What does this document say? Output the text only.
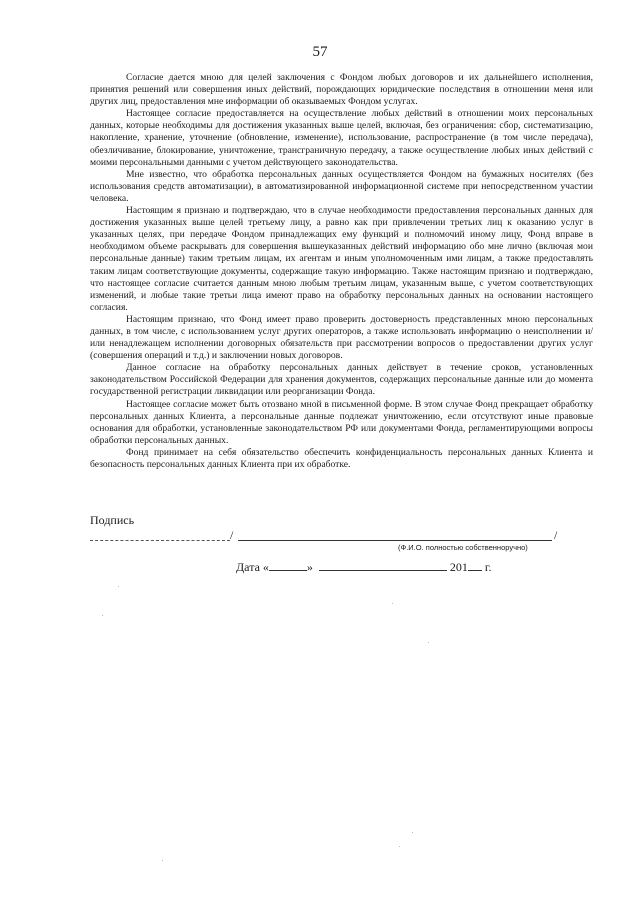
57

Согласие дается мною для целей заключения с Фондом любых договоров и их дальнейшего исполнения, принятия решений или совершения иных действий, порождающих юридические последствия в отношении меня или других лиц, предоставления мне информации об оказываемых Фондом услугах.

Настоящее согласие предоставляется на осуществление любых действий в отношении моих персональных данных, которые необходимы для достижения указанных выше целей, включая, без ограничения: сбор, систематизацию, накопление, хранение, уточнение (обновление, изменение), использование, распространение (в том числе передача), обезличивание, блокирование, уничтожение, трансграничную передачу, а также осуществление любых иных действий с моими персональными данными с учетом действующего законодательства.

Мне известно, что обработка персональных данных осуществляется Фондом на бумажных носителях (без использования средств автоматизации), в автоматизированной информационной системе при непосредственном участии человека.

Настоящим я признаю и подтверждаю, что в случае необходимости предоставления персональных данных для достижения указанных выше целей третьему лицу, а равно как при привлечении третьих лиц к оказанию услуг в указанных целях, при передаче Фондом принадлежащих ему функций и полномочий иному лицу, Фонд вправе в необходимом объеме раскрывать для совершения вышеуказанных действий информацию обо мне лично (включая мои персональные данные) таким третьим лицам, их агентам и иным уполномоченным ими лицам, а также предоставлять таким лицам соответствующие документы, содержащие такую информацию. Также настоящим признаю и подтверждаю, что настоящее согласие считается данным мною любым третьим лицам, указанным выше, с учетом соответствующих изменений, и любые такие третьи лица имеют право на обработку персональных данных на основании настоящего согласия.

Настоящим признаю, что Фонд имеет право проверить достоверность представленных мною персональных данных, в том числе, с использованием услуг других операторов, а также использовать информацию о неисполнении и/или ненадлежащем исполнении договорных обязательств при рассмотрении вопросов о предоставлении других услуг (совершения операций и т.д.) и заключении новых договоров.

Данное согласие на обработку персональных данных действует в течение сроков, установленных законодательством Российской Федерации для хранения документов, содержащих персональные данные или до момента государственной регистрации ликвидации или реорганизации Фонда.

Настоящее согласие может быть отозвано мной в письменной форме. В этом случае Фонд прекращает обработку персональных данных Клиента, а персональные данные подлежат уничтожению, если отсутствуют иные правовые основания для обработки, установленные законодательством РФ или документами Фонда, регламентирующими вопросы обработки персональных данных.

Фонд принимает на себя обязательство обеспечить конфиденциальность персональных данных Клиента и безопасность персональных данных Клиента при их обработке.

Подпись
/	/
(Ф.И.О. полностью собственноручно)
Дата «	»	201 г.
